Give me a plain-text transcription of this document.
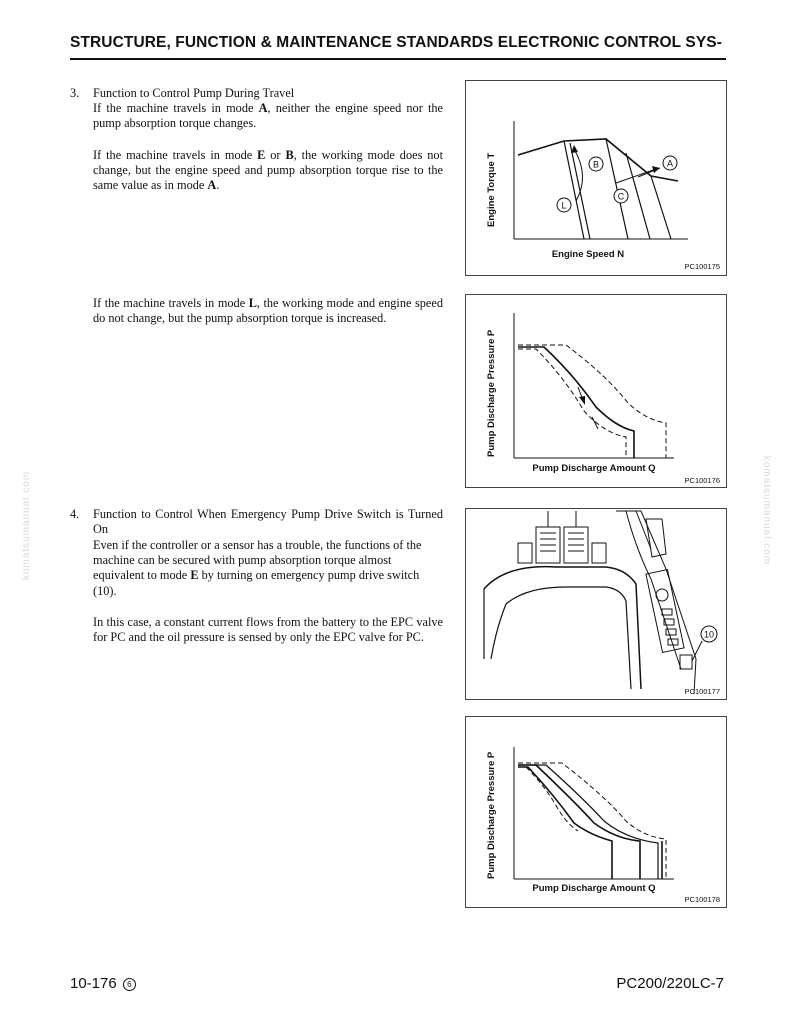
STRUCTURE, FUNCTION & MAINTENANCE STANDARDS ELECTRONIC CONTROL SYS-
komatsumanual.com	komatsumanual.com
3. Function to Control Pump During Travel
If the machine travels in mode A, neither the engine speed nor the pump absorption torque changes.
If the machine travels in mode E or B, the working mode does not change, but the engine speed and pump absorption torque rise to the same value as in mode A.
If the machine travels in mode L, the working mode and engine speed do not change, but the pump absorption torque is increased.
4. Function to Control When Emergency Pump Drive Switch is Turned On
Even if the controller or a sensor has a trouble, the functions of the machine can be secured with pump absorption torque almost equivalent to mode E by turning on emergency pump drive switch (10).
In this case, a constant current flows from the battery to the EPC valve for PC and the oil pressure is sensed by only the EPC valve for PC.
B	A
C
L
Engine Torque T
Engine Speed N
PC100175
Pump Discharge Pressure P
Pump Discharge Amount Q
PC100176
10
PC100177
Pump Discharge Pressure P
Pump Discharge Amount Q
PC100178
10-176 6	PC200/220LC-7
